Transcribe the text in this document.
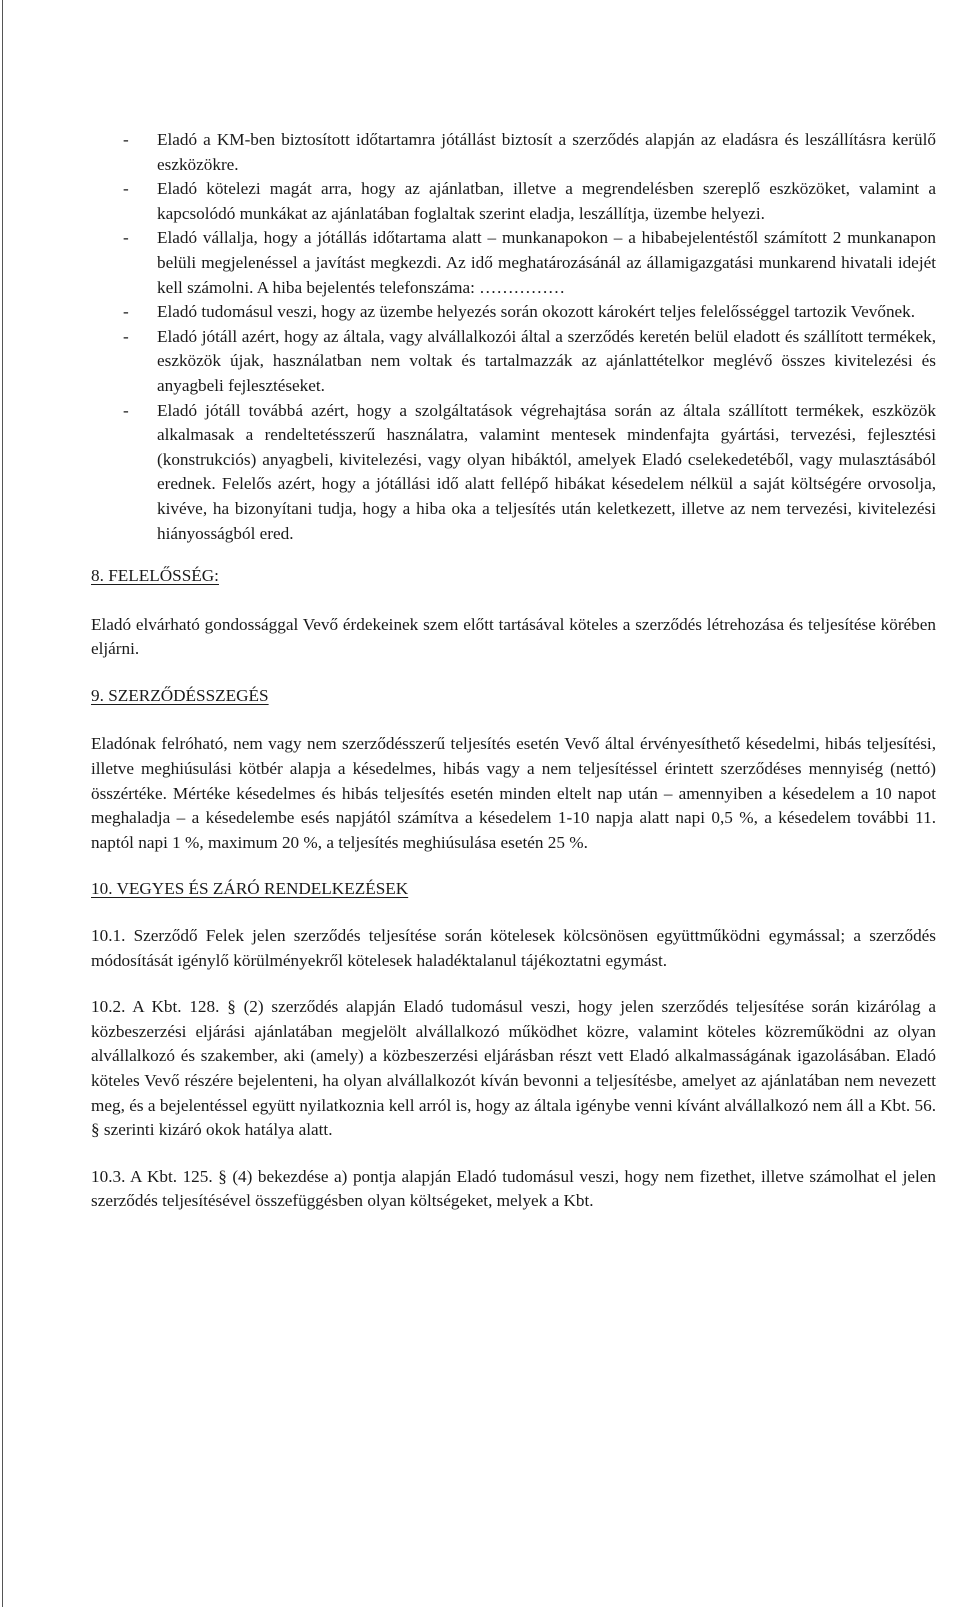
- Eladó a KM-ben biztosított időtartamra jótállást biztosít a szerződés alapján az eladásra és leszállításra kerülő eszközökre.
- Eladó kötelezi magát arra, hogy az ajánlatban, illetve a megrendelésben szereplő eszközöket, valamint a kapcsolódó munkákat az ajánlatában foglaltak szerint eladja, leszállítja, üzembe helyezi.
- Eladó vállalja, hogy a jótállás időtartama alatt – munkanapokon – a hibabejelentéstől számított 2 munkanapon belüli megjelenéssel a javítást megkezdi. Az idő meghatározásánál az államigazgatási munkarend hivatali idejét kell számolni. A hiba bejelentés telefonszáma: ……………
- Eladó tudomásul veszi, hogy az üzembe helyezés során okozott károkért teljes felelősséggel tartozik Vevőnek.
- Eladó jótáll azért, hogy az általa, vagy alvállalkozói által a szerződés keretén belül eladott és szállított termékek, eszközök újak, használatban nem voltak és tartalmazzák az ajánlattételkor meglévő összes kivitelezési és anyagbeli fejlesztéseket.
- Eladó jótáll továbbá azért, hogy a szolgáltatások végrehajtása során az általa szállított termékek, eszközök alkalmasak a rendeltetésszerű használatra, valamint mentesek mindenfajta gyártási, tervezési, fejlesztési (konstrukciós) anyagbeli, kivitelezési, vagy olyan hibáktól, amelyek Eladó cselekedetéből, vagy mulasztásából erednek. Felelős azért, hogy a jótállási idő alatt fellépő hibákat késedelem nélkül a saját költségére orvosolja, kivéve, ha bizonyítani tudja, hogy a hiba oka a teljesítés után keletkezett, illetve az nem tervezési, kivitelezési hiányosságból ered.
8. FELELŐSSÉG:

Eladó elvárható gondossággal Vevő érdekeinek szem előtt tartásával köteles a szerződés létrehozása és teljesítése körében eljárni.

9. SZERZŐDÉSSZEGÉS

Eladónak felróható, nem vagy nem szerződésszerű teljesítés esetén Vevő által érvényesíthető késedelmi, hibás teljesítési, illetve meghiúsulási kötbér alapja a késedelmes, hibás vagy a nem teljesítéssel érintett szerződéses mennyiség (nettó) összértéke. Mértéke késedelmes és hibás teljesítés esetén minden eltelt nap után – amennyiben a késedelem a 10 napot meghaladja – a késedelembe esés napjától számítva a késedelem 1-10 napja alatt napi 0,5 %, a késedelem további 11. naptól napi 1 %, maximum 20 %, a teljesítés meghiúsulása esetén 25 %.

10. VEGYES ÉS ZÁRÓ RENDELKEZÉSEK

10.1. Szerződő Felek jelen szerződés teljesítése során kötelesek kölcsönösen együttműködni egymással; a szerződés módosítását igénylő körülményekről kötelesek haladéktalanul tájékoztatni egymást.

10.2. A Kbt. 128. § (2) szerződés alapján Eladó tudomásul veszi, hogy jelen szerződés teljesítése során kizárólag a közbeszerzési eljárási ajánlatában megjelölt alvállalkozó működhet közre, valamint köteles közreműködni az olyan alvállalkozó és szakember, aki (amely) a közbeszerzési eljárásban részt vett Eladó alkalmasságának igazolásában. Eladó köteles Vevő részére bejelenteni, ha olyan alvállalkozót kíván bevonni a teljesítésbe, amelyet az ajánlatában nem nevezett meg, és a bejelentéssel együtt nyilatkoznia kell arról is, hogy az általa igénybe venni kívánt alvállalkozó nem áll a Kbt. 56. § szerinti kizáró okok hatálya alatt.

10.3. A Kbt. 125. § (4) bekezdése a) pontja alapján Eladó tudomásul veszi, hogy nem fizethet, illetve számolhat el jelen szerződés teljesítésével összefüggésben olyan költségeket, melyek a Kbt.
